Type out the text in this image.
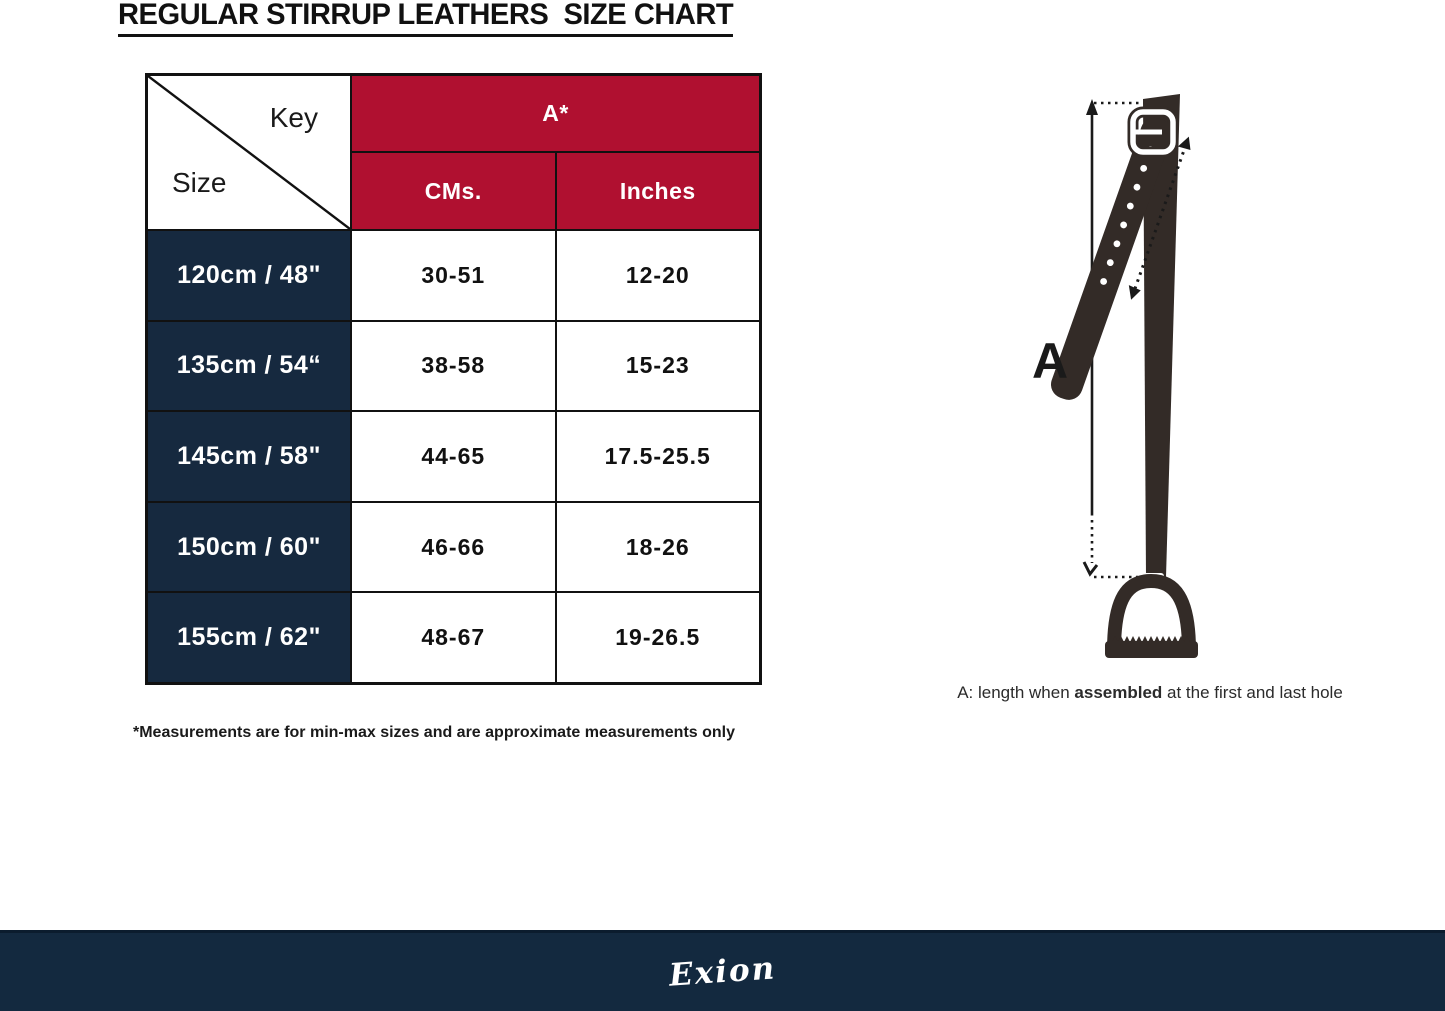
REGULAR STIRRUP LEATHERS  SIZE CHART
Key
Size
A*
CMs.	Inches
120cm / 48"	30-51	12-20
135cm / 54“	38-58	15-23
145cm / 58"	44-65	17.5-25.5
150cm / 60"	46-66	18-26
155cm / 62"	48-67	19-26.5
*Measurements are for min-max sizes and are approximate measurements only
A
A: length when assembled at the first and last hole
Exion
